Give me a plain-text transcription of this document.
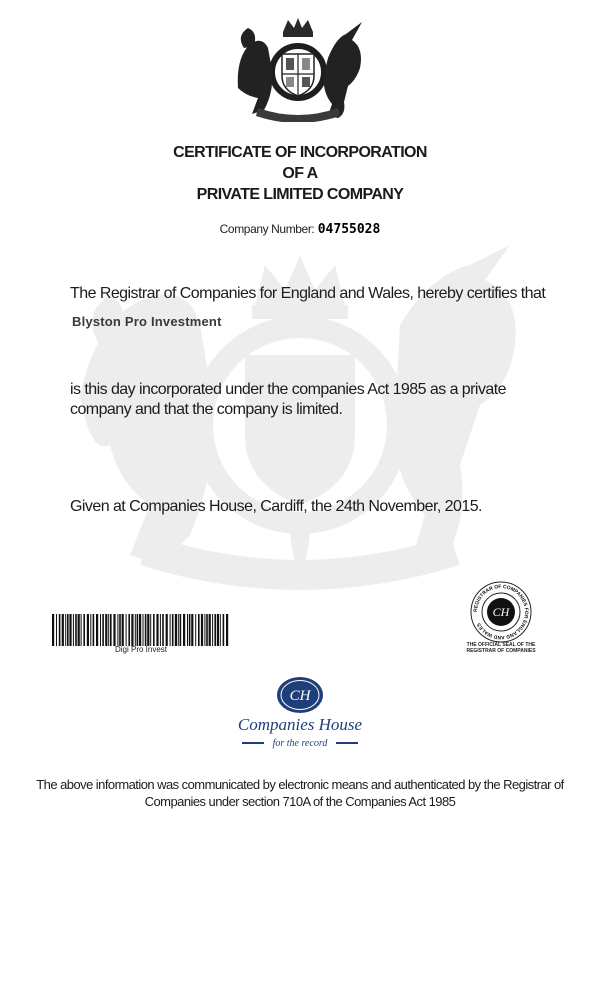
CERTIFICATE OF INCORPORATION
OF A
PRIVATE LIMITED COMPANY
Company Number: 04755028
The Registrar of Companies for England and Wales, hereby certifies that
Blyston Pro Investment
is this day incorporated under the companies Act 1985 as a private company and that the company is limited.
Given at Companies House, Cardiff, the 24th November, 2015.
Digi Pro Invest
REGISTRAR OF COMPANIES FOR ENGLAND AND WALES
CH
THE OFFICIAL SEAL OF THE REGISTRAR OF COMPANIES
CH
Companies House
for the record
The above information was communicated by electronic means and authenticated by the Registrar of Companies under section 710A of the Companies Act 1985
